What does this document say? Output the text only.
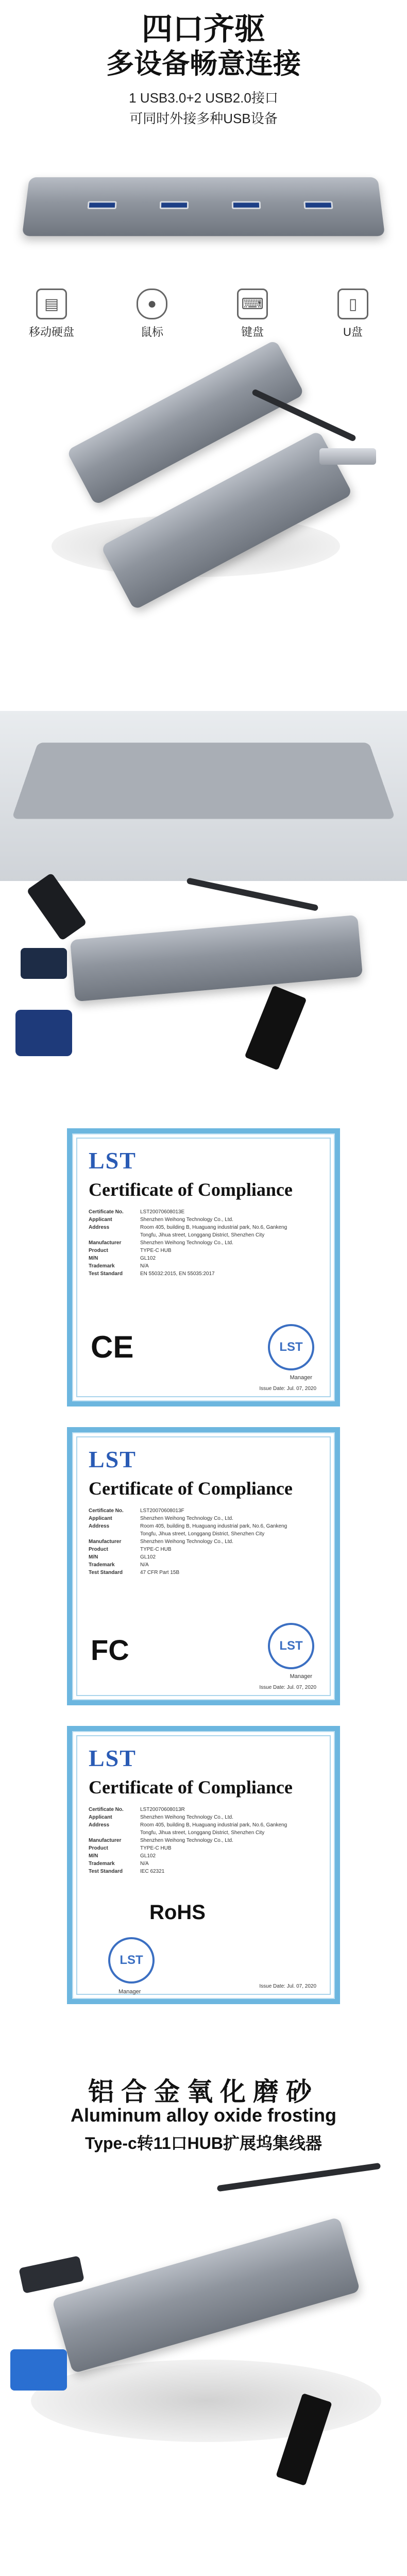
四口齐驱
多设备畅意连接
1 USB3.0+2 USB2.0接口
可同时外接多种USB设备
▤
移动硬盘
●
鼠标
⌨
键盘
▯
U盘
LST
Certificate of Compliance
Certificate No.	LST20070608013E
Applicant	Shenzhen Weihong Technology Co., Ltd.
Address	Room 405, building B, Huaguang industrial park, No.6, Gankeng Tongfu, Jihua street, Longgang District, Shenzhen City
Manufacturer	Shenzhen Weihong Technology Co., Ltd.
Product	TYPE-C HUB
M/N	GL102
Trademark	N/A
Test Standard	EN 55032:2015, EN 55035:2017
CE	LST
Manager
Issue Date: Jul. 07, 2020
LST
Certificate of Compliance
Certificate No.	LST20070608013F
Applicant	Shenzhen Weihong Technology Co., Ltd.
Address	Room 405, building B, Huaguang industrial park, No.6, Gankeng Tongfu, Jihua street, Longgang District, Shenzhen City
Manufacturer	Shenzhen Weihong Technology Co., Ltd.
Product	TYPE-C HUB
M/N	GL102
Trademark	N/A
Test Standard	47 CFR Part 15B
FC	LST
Manager
Issue Date: Jul. 07, 2020
LST
Certificate of Compliance
Certificate No.	LST20070608013R
Applicant	Shenzhen Weihong Technology Co., Ltd.
Address	Room 405, building B, Huaguang industrial park, No.6, Gankeng Tongfu, Jihua street, Longgang District, Shenzhen City
Manufacturer	Shenzhen Weihong Technology Co., Ltd.
Product	TYPE-C HUB
M/N	GL102
Trademark	N/A
Test Standard	IEC 62321
RoHS
LST
Manager
Issue Date: Jul. 07, 2020
铝合金氧化磨砂
Aluminum alloy oxide frosting
Type-c转11口HUB扩展坞集线器
